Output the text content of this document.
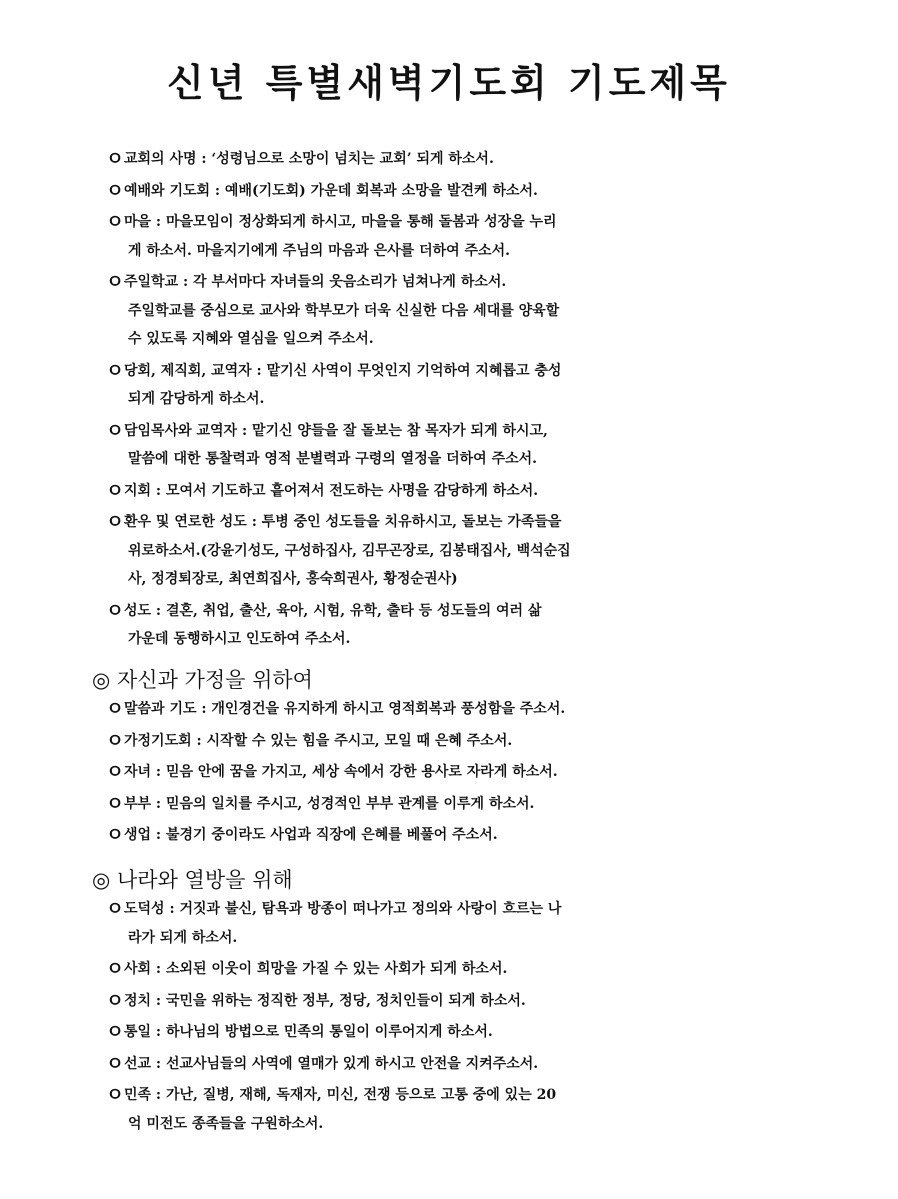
신년 특별새벽기도회 기도제목
ㅇ 교회의 사명 : ‘성령님으로 소망이 넘치는 교회’ 되게 하소서.
ㅇ 예배와 기도회 : 예배(기도회) 가운데 회복과 소망을 발견케 하소서.
ㅇ 마을 : 마을모임이 정상화되게 하시고, 마을을 통해 돌봄과 성장을 누리
게 하소서. 마을지기에게 주님의 마음과 은사를 더하여 주소서.
ㅇ 주일학교 : 각 부서마다 자녀들의 웃음소리가 넘쳐나게 하소서.
주일학교를 중심으로 교사와 학부모가 더욱 신실한 다음 세대를 양육할
수 있도록 지혜와 열심을 일으켜 주소서.
ㅇ 당회, 제직회, 교역자 : 맡기신 사역이 무엇인지 기억하여 지혜롭고 충성
되게 감당하게 하소서.
ㅇ 담임목사와 교역자 : 맡기신 양들을 잘 돌보는 참 목자가 되게 하시고,
말씀에 대한 통찰력과 영적 분별력과 구령의 열정을 더하여 주소서.
ㅇ 지회 : 모여서 기도하고 흩어져서 전도하는 사명을 감당하게 하소서.
ㅇ 환우 및 연로한 성도 : 투병 중인 성도들을 치유하시고, 돌보는 가족들을
위로하소서.(강윤기성도, 구성하집사, 김무곤장로, 김봉태집사, 백석순집
사, 정경퇴장로, 최연희집사, 홍숙희권사, 황정순권사)
ㅇ 성도 : 결혼, 취업, 출산, 육아, 시험, 유학, 출타 등 성도들의 여러 삶
가운데 동행하시고 인도하여 주소서.
◎ 자신과 가정을 위하여
ㅇ 말씀과 기도 : 개인경건을 유지하게 하시고 영적회복과 풍성함을 주소서.
ㅇ 가정기도회 : 시작할 수 있는 힘을 주시고, 모일 때 은혜 주소서.
ㅇ 자녀 : 믿음 안에 꿈을 가지고, 세상 속에서 강한 용사로 자라게 하소서.
ㅇ 부부 : 믿음의 일치를 주시고, 성경적인 부부 관계를 이루게 하소서.
ㅇ 생업 : 불경기 중이라도 사업과 직장에 은혜를 베풀어 주소서.
◎ 나라와 열방을 위해
ㅇ 도덕성 : 거짓과 불신, 탐욕과 방종이 떠나가고 정의와 사랑이 흐르는 나
라가 되게 하소서.
ㅇ 사회 : 소외된 이웃이 희망을 가질 수 있는 사회가 되게 하소서.
ㅇ 정치 : 국민을 위하는 정직한 정부, 정당, 정치인들이 되게 하소서.
ㅇ 통일 : 하나님의 방법으로 민족의 통일이 이루어지게 하소서.
ㅇ 선교 : 선교사님들의 사역에 열매가 있게 하시고 안전을 지켜주소서.
ㅇ 민족 : 가난, 질병, 재해, 독재자, 미신, 전쟁 등으로 고통 중에 있는 20
억 미전도 종족들을 구원하소서.
